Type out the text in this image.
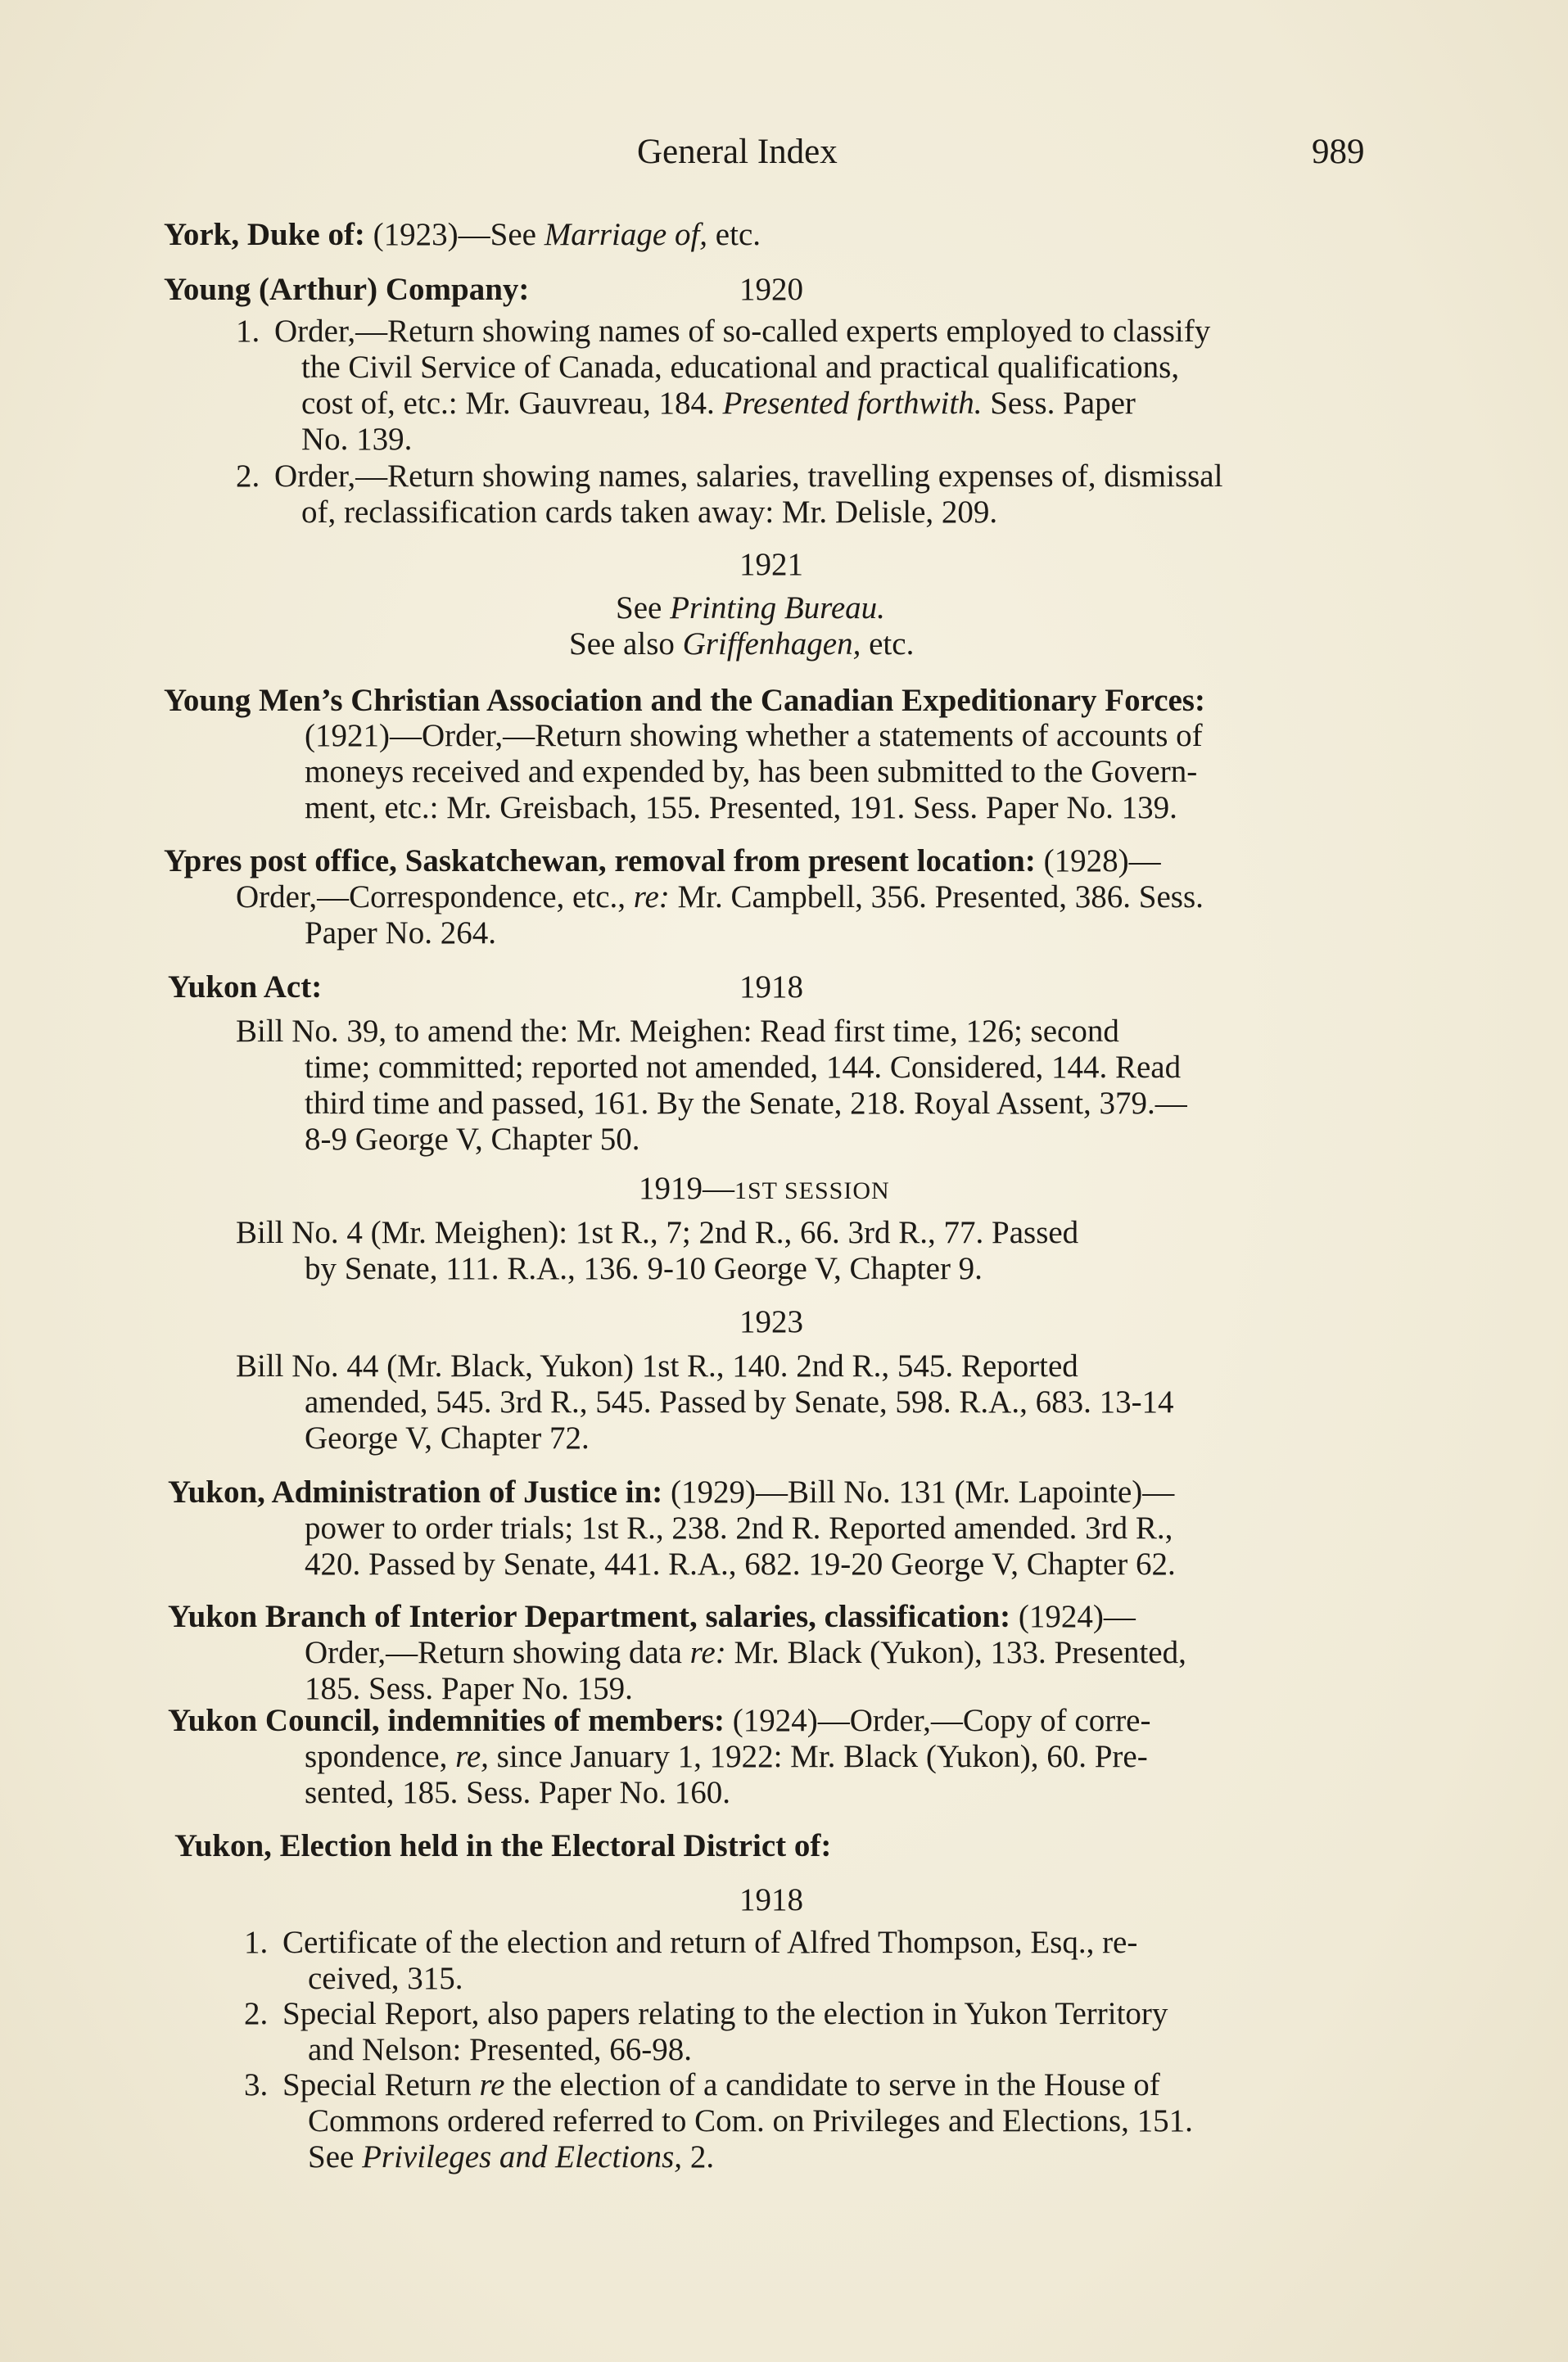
General Index	989
York, Duke of: (1923)—See Marriage of, etc.
Young (Arthur) Company:	1920
1. Order,—Return showing names of so-called experts employed to classify
the Civil Service of Canada, educational and practical qualifications,
cost of, etc.: Mr. Gauvreau, 184. Presented forthwith. Sess. Paper
No. 139.
2. Order,—Return showing names, salaries, travelling expenses of, dismissal
of, reclassification cards taken away: Mr. Delisle, 209.
1921
See Printing Bureau.
See also Griffenhagen, etc.
Young Men’s Christian Association and the Canadian Expeditionary Forces:
(1921)—Order,—Return showing whether a statements of accounts of
moneys received and expended by, has been submitted to the Govern-
ment, etc.: Mr. Greisbach, 155. Presented, 191. Sess. Paper No. 139.
Ypres post office, Saskatchewan, removal from present location: (1928)—
Order,—Correspondence, etc., re: Mr. Campbell, 356. Presented, 386. Sess.
Paper No. 264.
Yukon Act:	1918
Bill No. 39, to amend the: Mr. Meighen: Read first time, 126; second
time; committed; reported not amended, 144. Considered, 144. Read
third time and passed, 161. By the Senate, 218. Royal Assent, 379.—
8-9 George V, Chapter 50.
1919—1ST SESSION
Bill No. 4 (Mr. Meighen): 1st R., 7; 2nd R., 66. 3rd R., 77. Passed
by Senate, 111. R.A., 136. 9-10 George V, Chapter 9.
1923
Bill No. 44 (Mr. Black, Yukon) 1st R., 140. 2nd R., 545. Reported
amended, 545. 3rd R., 545. Passed by Senate, 598. R.A., 683. 13-14
George V, Chapter 72.
Yukon, Administration of Justice in: (1929)—Bill No. 131 (Mr. Lapointe)—
power to order trials; 1st R., 238. 2nd R. Reported amended. 3rd R.,
420. Passed by Senate, 441. R.A., 682. 19-20 George V, Chapter 62.
Yukon Branch of Interior Department, salaries, classification: (1924)—
Order,—Return showing data re: Mr. Black (Yukon), 133. Presented,
185. Sess. Paper No. 159.
Yukon Council, indemnities of members: (1924)—Order,—Copy of corre-
spondence, re, since January 1, 1922: Mr. Black (Yukon), 60. Pre-
sented, 185. Sess. Paper No. 160.
Yukon, Election held in the Electoral District of:
1918
1. Certificate of the election and return of Alfred Thompson, Esq., re-
ceived, 315.
2. Special Report, also papers relating to the election in Yukon Territory
and Nelson: Presented, 66-98.
3. Special Return re the election of a candidate to serve in the House of
Commons ordered referred to Com. on Privileges and Elections, 151.
See Privileges and Elections, 2.
